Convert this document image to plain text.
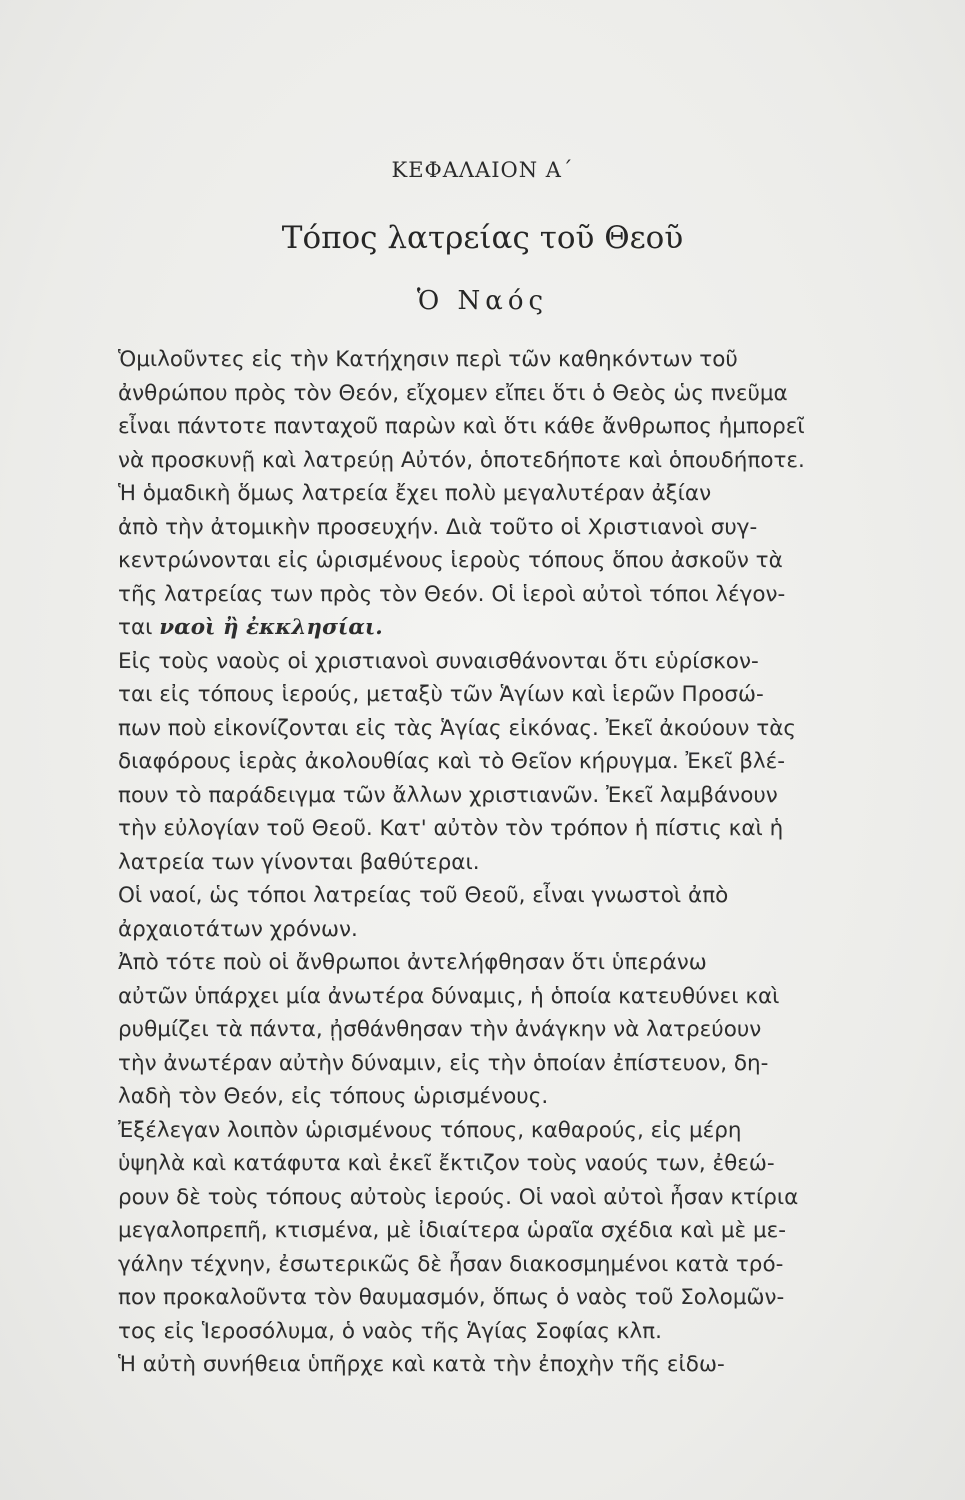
ΚΕΦΑΛΑΙΟΝ Α΄
Τόπος λατρείας τοῦ Θεοῦ
Ὁ Ναός
Ὁμιλοῦντες εἰς τὴν Κατήχησιν περὶ τῶν καθηκόντων τοῦ
ἀνθρώπου πρὸς τὸν Θεόν, εἴχομεν εἴπει ὅτι ὁ Θεὸς ὡς πνεῦμα
εἶναι πάντοτε πανταχοῦ παρὼν καὶ ὅτι κάθε ἄνθρωπος ἠμπορεῖ
νὰ προσκυνῇ καὶ λατρεύῃ Αὐτόν, ὁποτεδήποτε καὶ ὁπουδήποτε.
Ἡ ὁμαδικὴ ὅμως λατρεία ἔχει πολὺ μεγαλυτέραν ἀξίαν
ἀπὸ τὴν ἀτομικὴν προσευχήν. Διὰ τοῦτο οἱ Χριστιανοὶ συγ-
κεντρώνονται εἰς ὡρισμένους ἱεροὺς τόπους ὅπου ἀσκοῦν τὰ
τῆς λατρείας των πρὸς τὸν Θεόν. Οἱ ἱεροὶ αὐτοὶ τόποι λέγον-
ται ναοὶ ἢ ἐκκλησίαι.
Εἰς τοὺς ναοὺς οἱ χριστιανοὶ συναισθάνονται ὅτι εὑρίσκον-
ται εἰς τόπους ἱερούς, μεταξὺ τῶν Ἁγίων καὶ ἱερῶν Προσώ-
πων ποὺ εἰκονίζονται εἰς τὰς Ἁγίας εἰκόνας. Ἐκεῖ ἀκούουν τὰς
διαφόρους ἱερὰς ἀκολουθίας καὶ τὸ Θεῖον κήρυγμα. Ἐκεῖ βλέ-
πουν τὸ παράδειγμα τῶν ἄλλων χριστιανῶν. Ἐκεῖ λαμβάνουν
τὴν εὐλογίαν τοῦ Θεοῦ. Κατ' αὐτὸν τὸν τρόπον ἡ πίστις καὶ ἡ
λατρεία των γίνονται βαθύτεραι.
Οἱ ναοί, ὡς τόποι λατρείας τοῦ Θεοῦ, εἶναι γνωστοὶ ἀπὸ
ἀρχαιοτάτων χρόνων.
Ἀπὸ τότε ποὺ οἱ ἄνθρωποι ἀντελήφθησαν ὅτι ὑπεράνω
αὐτῶν ὑπάρχει μία ἀνωτέρα δύναμις, ἡ ὁποία κατευθύνει καὶ
ρυθμίζει τὰ πάντα, ᾐσθάνθησαν τὴν ἀνάγκην νὰ λατρεύουν
τὴν ἀνωτέραν αὐτὴν δύναμιν, εἰς τὴν ὁποίαν ἐπίστευον, δη-
λαδὴ τὸν Θεόν, εἰς τόπους ὡρισμένους.
Ἐξέλεγαν λοιπὸν ὡρισμένους τόπους, καθαρούς, εἰς μέρη
ὑψηλὰ καὶ κατάφυτα καὶ ἐκεῖ ἔκτιζον τοὺς ναούς των, ἐθεώ-
ρουν δὲ τοὺς τόπους αὐτοὺς ἱερούς. Οἱ ναοὶ αὐτοὶ ἦσαν κτίρια
μεγαλοπρεπῆ, κτισμένα, μὲ ἰδιαίτερα ὡραῖα σχέδια καὶ μὲ με-
γάλην τέχνην, ἐσωτερικῶς δὲ ἦσαν διακοσμημένοι κατὰ τρό-
πον προκαλοῦντα τὸν θαυμασμόν, ὅπως ὁ ναὸς τοῦ Σολομῶν-
τος εἰς Ἱεροσόλυμα, ὁ ναὸς τῆς Ἁγίας Σοφίας κλπ.
Ἡ αὐτὴ συνήθεια ὑπῆρχε καὶ κατὰ τὴν ἐποχὴν τῆς εἰδω-
